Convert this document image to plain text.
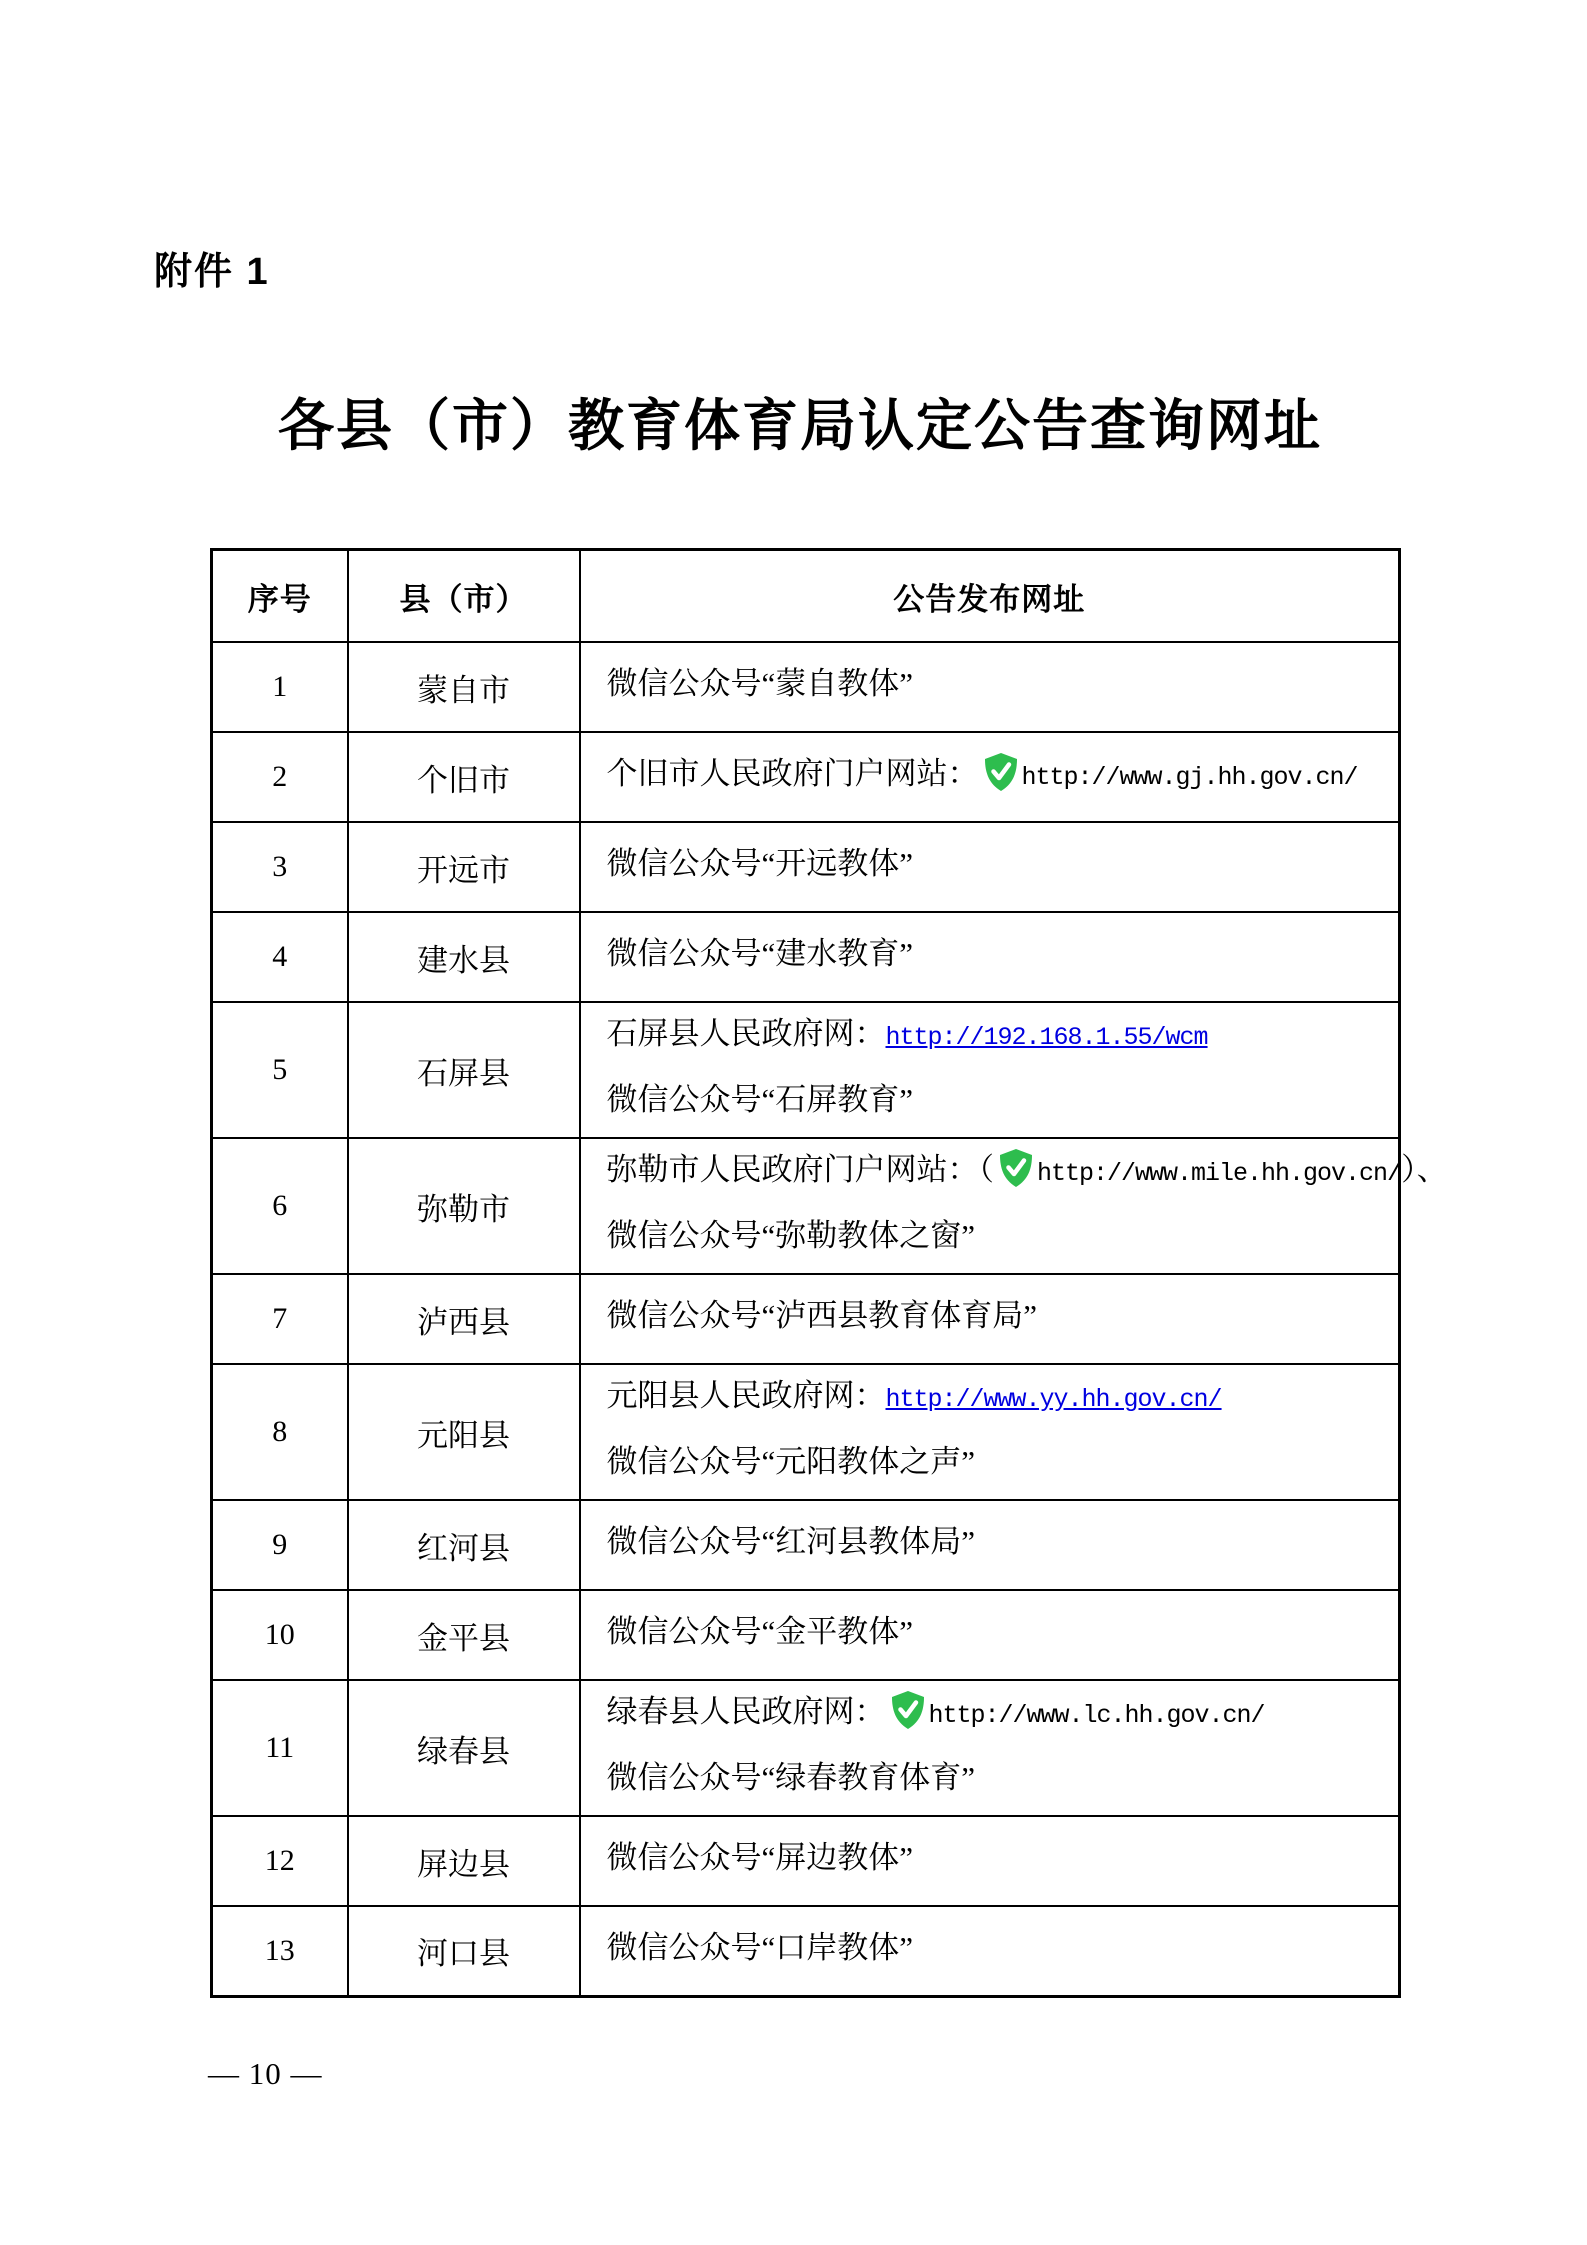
附件 1
各县（市）教育体育局认定公告查询网址
序号	县（市）	公告发布网址
1	蒙自市	微信公众号“蒙自教体”

2	个旧市	个旧市人民政府门户网站： http://www.gj.hh.gov.cn/

3	开远市	微信公众号“开远教体”

4	建水县	微信公众号“建水教育”

5	石屏县	石屏县人民政府网：http://192.168.1.55/wcm
微信公众号“石屏教育”

6	弥勒市	弥勒市人民政府门户网站：（ http://www.mile.hh.gov.cn/）、
微信公众号“弥勒教体之窗”

7	泸西县	微信公众号“泸西县教育体育局”

8	元阳县	元阳县人民政府网：http://www.yy.hh.gov.cn/
微信公众号“元阳教体之声”

9	红河县	微信公众号“红河县教体局”

10	金平县	微信公众号“金平教体”

11	绿春县	绿春县人民政府网： http://www.lc.hh.gov.cn/
微信公众号“绿春教育体育”

12	屏边县	微信公众号“屏边教体”

13	河口县	微信公众号“口岸教体”
— 10 —
